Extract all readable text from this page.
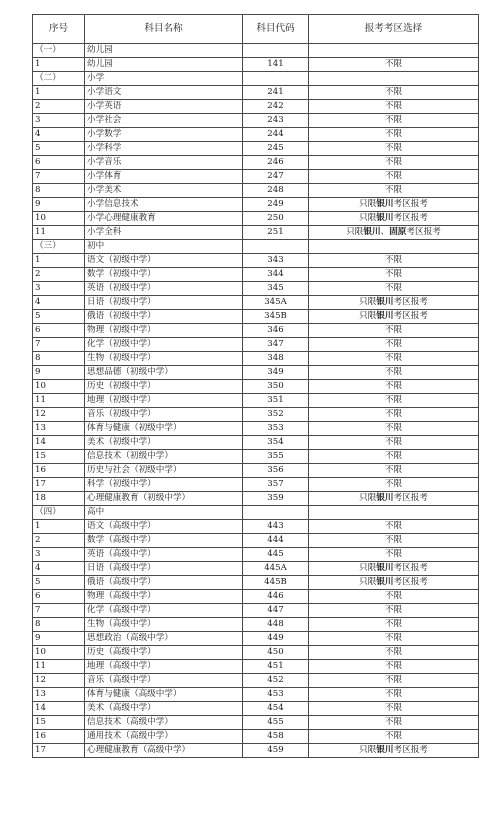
序号	科目名称	科目代码	报考考区选择
（一）	幼儿园		
1	幼儿园	141	不限
（二）	小学		
1	小学语文	241	不限
2	小学英语	242	不限
3	小学社会	243	不限
4	小学数学	244	不限
5	小学科学	245	不限
6	小学音乐	246	不限
7	小学体育	247	不限
8	小学美术	248	不限
9	小学信息技术	249	只限银川考区报考
10	小学心理健康教育	250	只限银川考区报考
11	小学全科	251	只限银川、固原考区报考
（三）	初中		
1	语文（初级中学）	343	不限
2	数学（初级中学）	344	不限
3	英语（初级中学）	345	不限
4	日语（初级中学）	345A	只限银川考区报考
5	俄语（初级中学）	345B	只限银川考区报考
6	物理（初级中学）	346	不限
7	化学（初级中学）	347	不限
8	生物（初级中学）	348	不限
9	思想品德（初级中学）	349	不限
10	历史（初级中学）	350	不限
11	地理（初级中学）	351	不限
12	音乐（初级中学）	352	不限
13	体育与健康（初级中学）	353	不限
14	美术（初级中学）	354	不限
15	信息技术（初级中学）	355	不限
16	历史与社会（初级中学）	356	不限
17	科学（初级中学）	357	不限
18	心理健康教育（初级中学）	359	只限银川考区报考
（四）	高中		
1	语文（高级中学）	443	不限
2	数学（高级中学）	444	不限
3	英语（高级中学）	445	不限
4	日语（高级中学）	445A	只限银川考区报考
5	俄语（高级中学）	445B	只限银川考区报考
6	物理（高级中学）	446	不限
7	化学（高级中学）	447	不限
8	生物（高级中学）	448	不限
9	思想政治（高级中学）	449	不限
10	历史（高级中学）	450	不限
11	地理（高级中学）	451	不限
12	音乐（高级中学）	452	不限
13	体育与健康（高级中学）	453	不限
14	美术（高级中学）	454	不限
15	信息技术（高级中学）	455	不限
16	通用技术（高级中学）	458	不限
17	心理健康教育（高级中学）	459	只限银川考区报考
